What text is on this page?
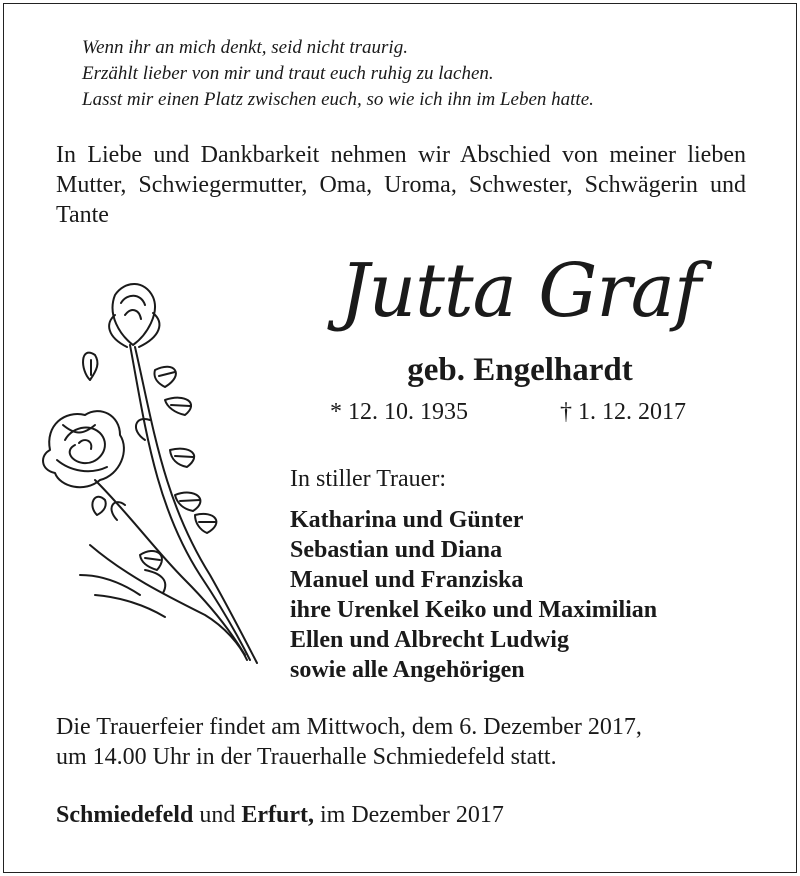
Wenn ihr an mich denkt, seid nicht traurig.
Erzählt lieber von mir und traut euch ruhig zu lachen.
Lasst mir einen Platz zwischen euch, so wie ich ihn im Leben hatte.
In Liebe und Dankbarkeit nehmen wir Abschied von meiner lieben Mutter, Schwiegermutter, Oma, Uroma, Schwester, Schwägerin und Tante
Jutta Graf
geb. Engelhardt
* 12. 10. 1935	† 1. 12. 2017
In stiller Trauer:
Katharina und Günter
Sebastian und Diana
Manuel und Franziska
ihre Urenkel Keiko und Maximilian
Ellen und Albrecht Ludwig
sowie alle Angehörigen
Die Trauerfeier findet am Mittwoch, dem 6. Dezember 2017,
um 14.00 Uhr in der Trauerhalle Schmiedefeld statt.
Schmiedefeld und Erfurt, im Dezember 2017
